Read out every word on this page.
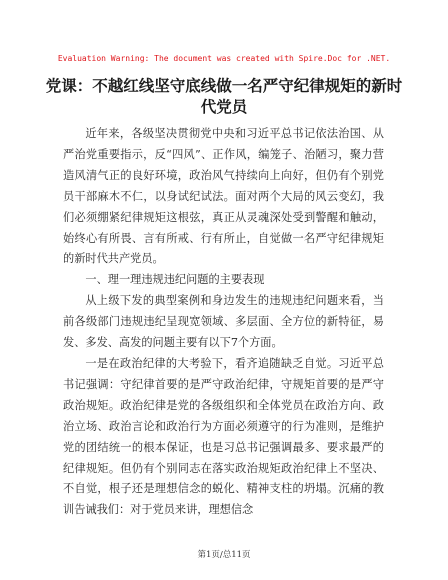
Evaluation Warning: The document was created with Spire.Doc for .NET.
党课：不越红线坚守底线做一名严守纪律规矩的新时代党员

近年来，各级坚决贯彻党中央和习近平总书记依法治国、从严治党重要指示，反“四风”、正作风，编笼子、治陋习，聚力营造风清气正的良好环境，政治风气持续向上向好，但仍有个别党员干部麻木不仁，以身试纪试法。面对两个大局的风云变幻，我们必须绷紧纪律规矩这根弦，真正从灵魂深处受到警醒和触动，始终心有所畏、言有所戒、行有所止，自觉做一名严守纪律规矩的新时代共产党员。

一、理一理违规违纪问题的主要表现

从上级下发的典型案例和身边发生的违规违纪问题来看，当前各级部门违规违纪呈现宽领域、多层面、全方位的新特征，易发、多发、高发的问题主要有以下7个方面。

一是在政治纪律的大考验下，看齐追随缺乏自觉。习近平总书记强调：守纪律首要的是严守政治纪律，守规矩首要的是严守政治规矩。政治纪律是党的各级组织和全体党员在政治方向、政治立场、政治言论和政治行为方面必须遵守的行为准则，是维护党的团结统一的根本保证，也是习总书记强调最多、要求最严的纪律规矩。但仍有个别同志在落实政治规矩政治纪律上不坚决、不自觉，根子还是理想信念的蜕化、精神支柱的坍塌。沉痛的教训告诫我们：对于党员来讲，理想信念

第1页/总11页
